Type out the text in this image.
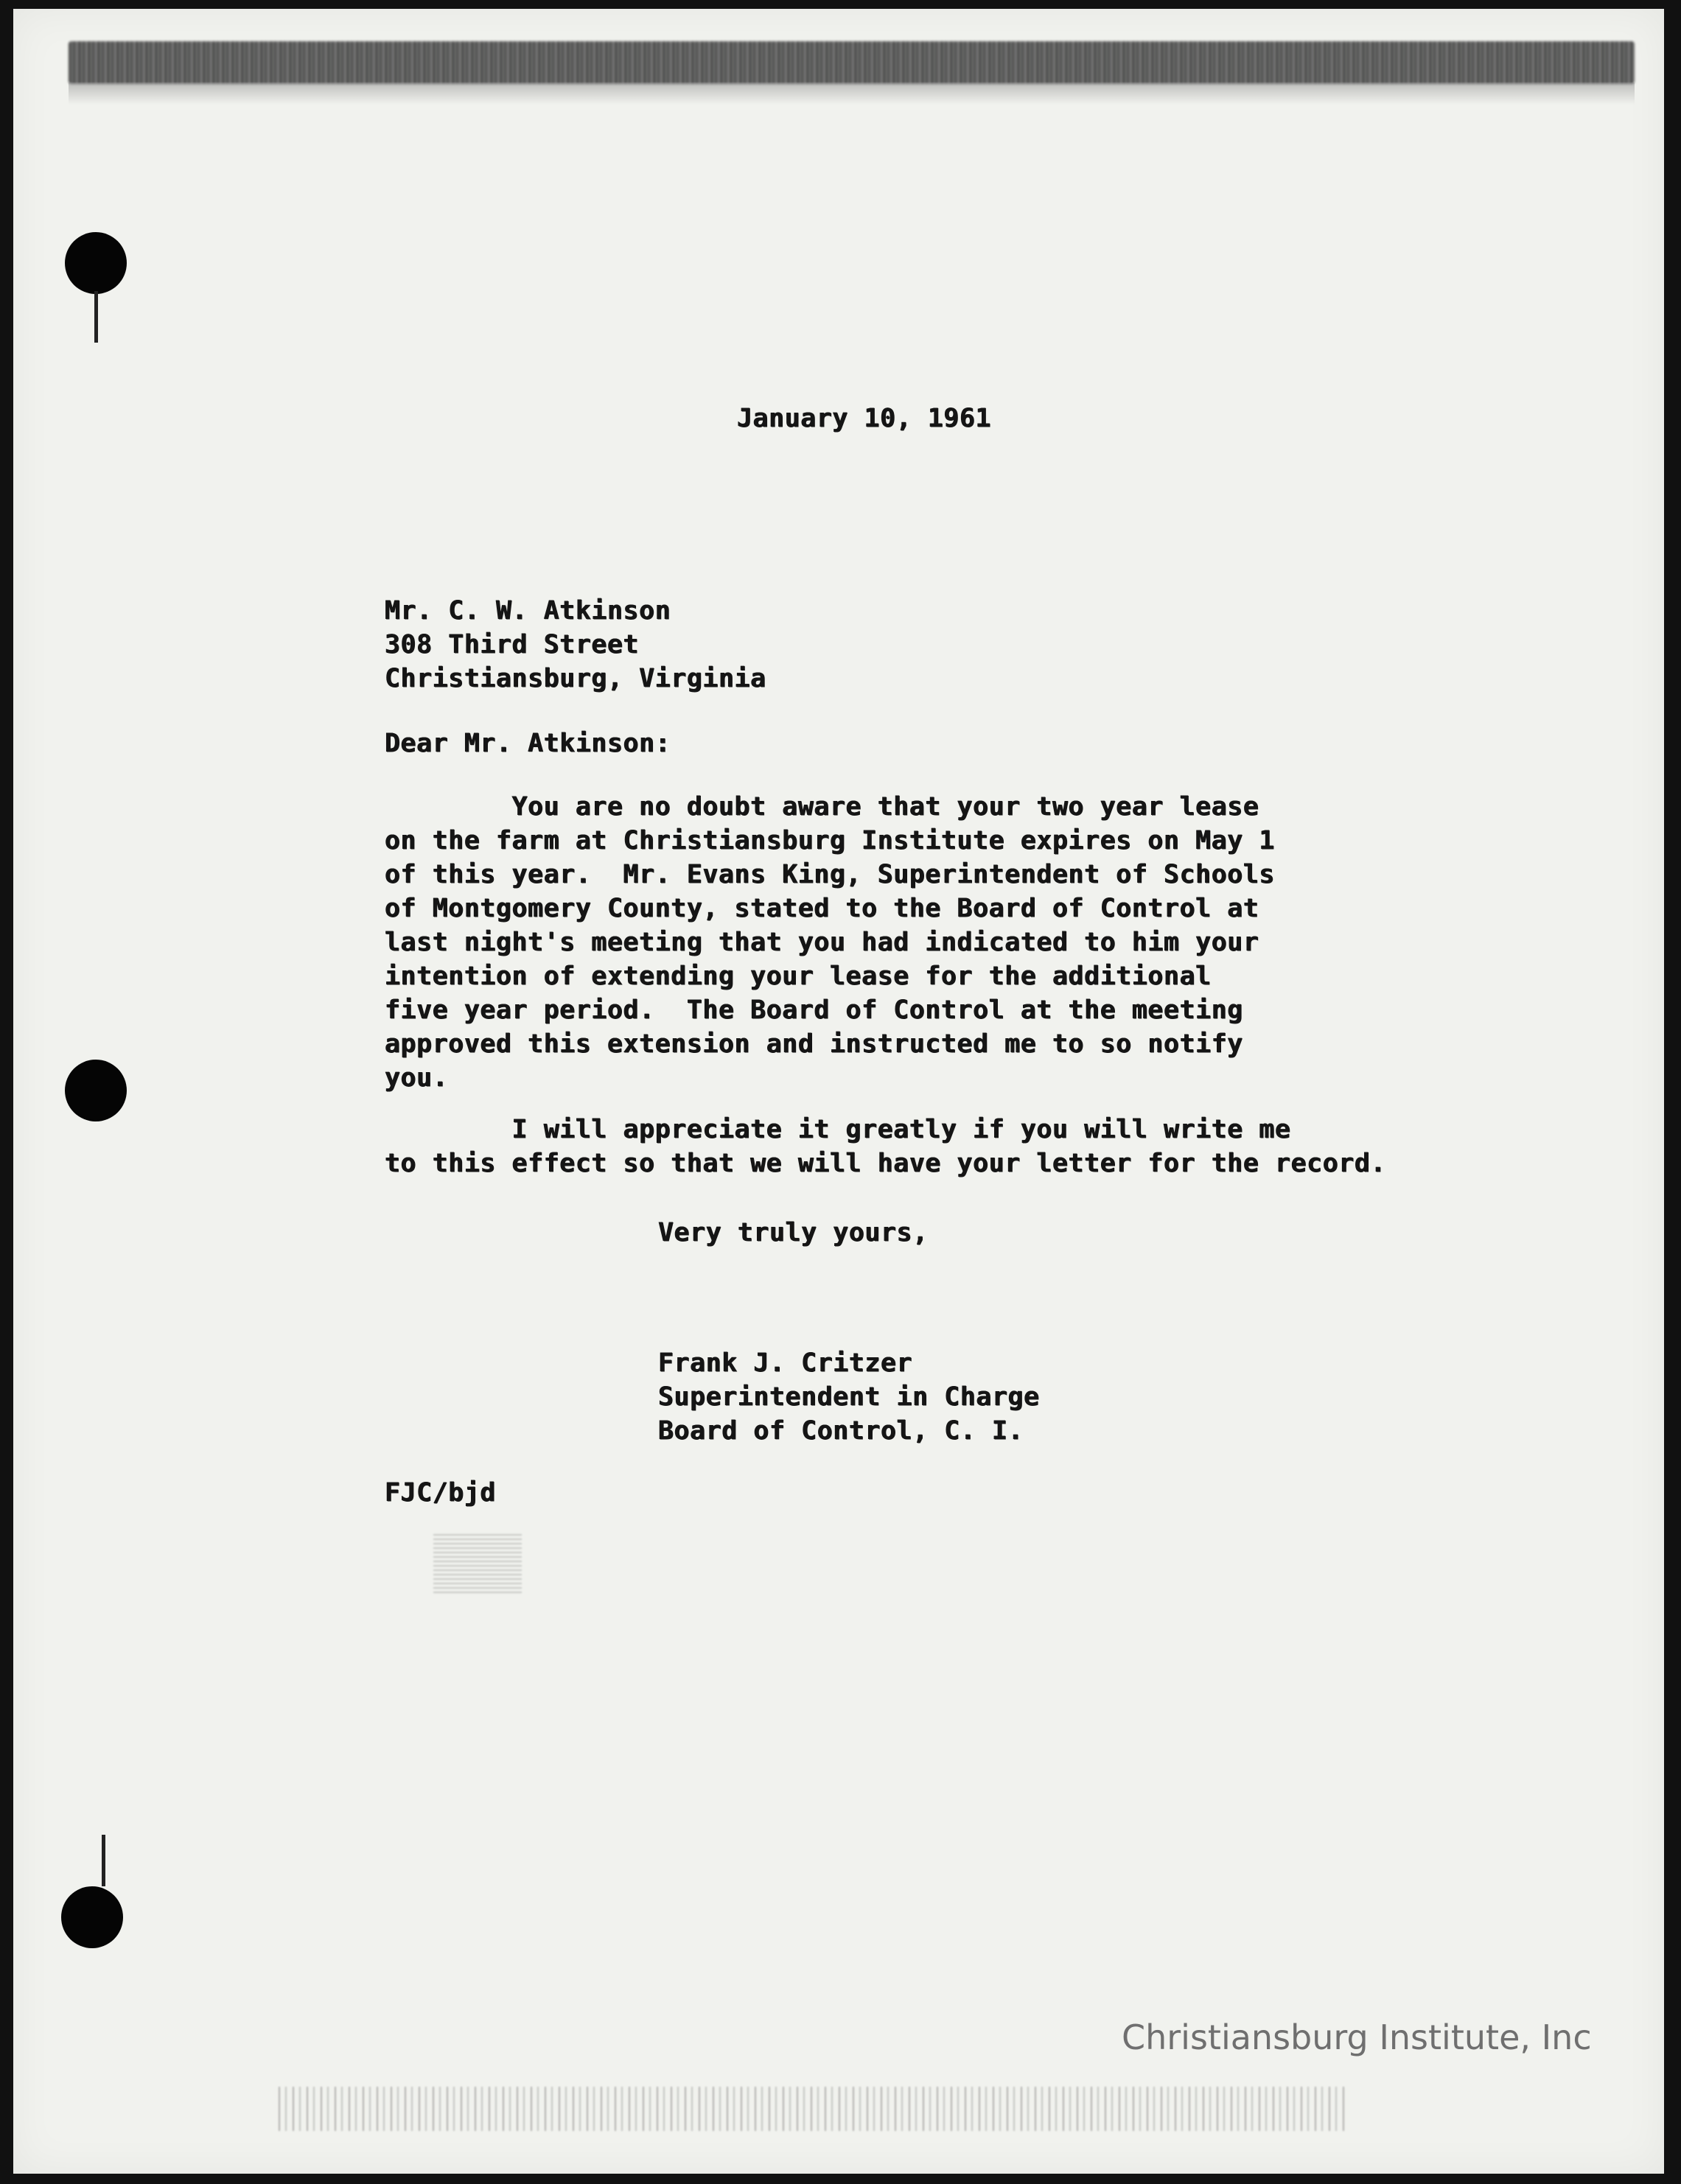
January 10, 1961
Mr. C. W. Atkinson
308 Third Street
Christiansburg, Virginia
Dear Mr. Atkinson:
You are no doubt aware that your two year lease
on the farm at Christiansburg Institute expires on May 1
of this year.  Mr. Evans King, Superintendent of Schools
of Montgomery County, stated to the Board of Control at
last night's meeting that you had indicated to him your
intention of extending your lease for the additional
five year period.  The Board of Control at the meeting
approved this extension and instructed me to so notify
you.
I will appreciate it greatly if you will write me
to this effect so that we will have your letter for the record.
Very truly yours,
Frank J. Critzer
Superintendent in Charge
Board of Control, C. I.
FJC/bjd
Christiansburg Institute, Inc
